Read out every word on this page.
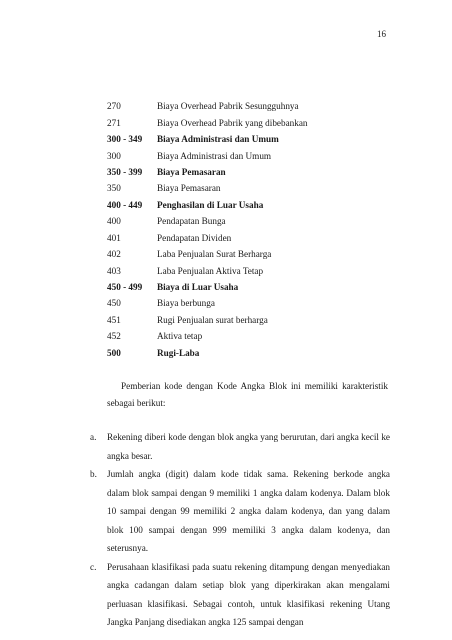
16
270	Biaya Overhead Pabrik Sesungguhnya
271	Biaya Overhead Pabrik yang dibebankan
300 - 349	Biaya Administrasi dan Umum
300	Biaya Administrasi dan Umum
350 - 399	Biaya Pemasaran
350	Biaya Pemasaran
400 - 449	Penghasilan di Luar Usaha
400	Pendapatan Bunga
401	Pendapatan Dividen
402	Laba Penjualan Surat Berharga
403	Laba Penjualan Aktiva Tetap
450 - 499	Biaya di Luar Usaha
450	Biaya berbunga
451	Rugi Penjualan surat berharga
452	Aktiva tetap
500	Rugi-Laba
Pemberian kode dengan Kode Angka Blok ini memiliki karakteristik sebagai berikut:
a.	Rekening diberi kode dengan blok angka yang berurutan, dari angka kecil ke angka besar.
b.	Jumlah angka (digit) dalam kode tidak sama. Rekening berkode angka dalam blok sampai dengan 9 memiliki 1 angka dalam kodenya. Dalam blok 10 sampai dengan 99 memiliki 2 angka dalam kodenya, dan yang dalam blok 100 sampai dengan 999 memiliki 3 angka dalam kodenya, dan seterusnya.
c.	Perusahaan klasifikasi pada suatu rekening ditampung dengan menyediakan angka cadangan dalam setiap blok yang diperkirakan akan mengalami perluasan klasifikasi. Sebagai contoh, untuk klasifikasi rekening Utang Jangka Panjang disediakan angka 125 sampai dengan
